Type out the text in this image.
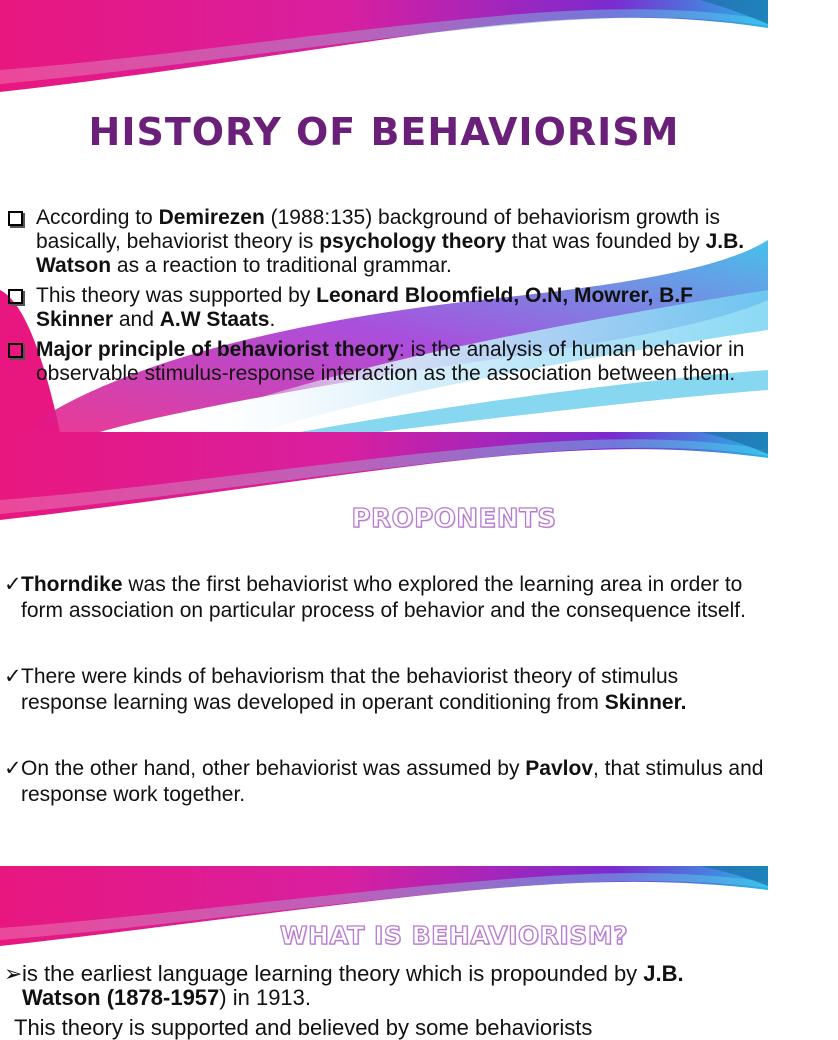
HISTORY OF BEHAVIORISM
According to Demirezen (1988:135) background of behaviorism growth is basically, behaviorist theory is psychology theory that was founded by J.B. Watson as a reaction to traditional grammar.
This theory was supported by Leonard Bloomfield, O.N, Mowrer, B.F Skinner and A.W Staats.
Major principle of behaviorist theory: is the analysis of human behavior in observable stimulus-response interaction as the association between them.
PROPONENTS
✓ Thorndike was the first behaviorist who explored the learning area in order to form association on particular process of behavior and the consequence itself.
✓ There were kinds of behaviorism that the behaviorist theory of stimulus response learning was developed in operant conditioning from Skinner.
✓ On the other hand, other behaviorist was assumed by Pavlov, that stimulus and response work together.
WHAT IS BEHAVIORISM?
➢ is the earliest language learning theory which is propounded by J.B. Watson (1878-1957) in 1913.
This theory is supported and believed by some behaviorists
